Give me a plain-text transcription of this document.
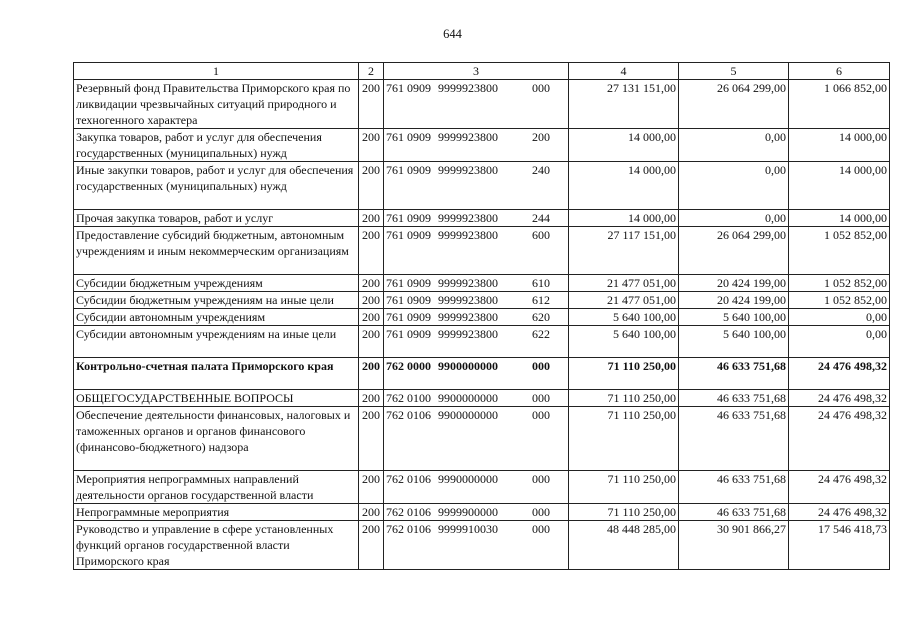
644
1	2	3	4	5	6
Резервный фонд Правительства Приморского края по ликвидации чрезвычайных ситуаций природного и техногенного характера	200	761 0909 9999923800 000	27 131 151,00	26 064 299,00	1 066 852,00
Закупка товаров, работ и услуг для обеспечения государственных (муниципальных) нужд	200	761 0909 9999923800 200	14 000,00	0,00	14 000,00
Иные закупки товаров, работ и услуг для обеспечения государственных (муниципальных) нужд	200	761 0909 9999923800 240	14 000,00	0,00	14 000,00
Прочая закупка товаров, работ и услуг	200	761 0909 9999923800 244	14 000,00	0,00	14 000,00
Предоставление субсидий бюджетным, автономным учреждениям и иным некоммерческим организациям	200	761 0909 9999923800 600	27 117 151,00	26 064 299,00	1 052 852,00
Субсидии бюджетным учреждениям	200	761 0909 9999923800 610	21 477 051,00	20 424 199,00	1 052 852,00
Субсидии бюджетным учреждениям на иные цели	200	761 0909 9999923800 612	21 477 051,00	20 424 199,00	1 052 852,00
Субсидии автономным учреждениям	200	761 0909 9999923800 620	5 640 100,00	5 640 100,00	0,00
Субсидии автономным учреждениям на иные цели	200	761 0909 9999923800 622	5 640 100,00	5 640 100,00	0,00
Контрольно-счетная палата Приморского края	200	762 0000 9900000000 000	71 110 250,00	46 633 751,68	24 476 498,32
ОБЩЕГОСУДАРСТВЕННЫЕ ВОПРОСЫ	200	762 0100 9900000000 000	71 110 250,00	46 633 751,68	24 476 498,32
Обеспечение деятельности финансовых, налоговых и таможенных органов и органов финансового (финансово-бюджетного) надзора	200	762 0106 9900000000 000	71 110 250,00	46 633 751,68	24 476 498,32
Мероприятия непрограммных направлений деятельности органов государственной власти	200	762 0106 9990000000 000	71 110 250,00	46 633 751,68	24 476 498,32
Непрограммные мероприятия	200	762 0106 9999900000 000	71 110 250,00	46 633 751,68	24 476 498,32
Руководство и управление в сфере установленных функций органов государственной власти Приморского края	200	762 0106 9999910030 000	48 448 285,00	30 901 866,27	17 546 418,73
